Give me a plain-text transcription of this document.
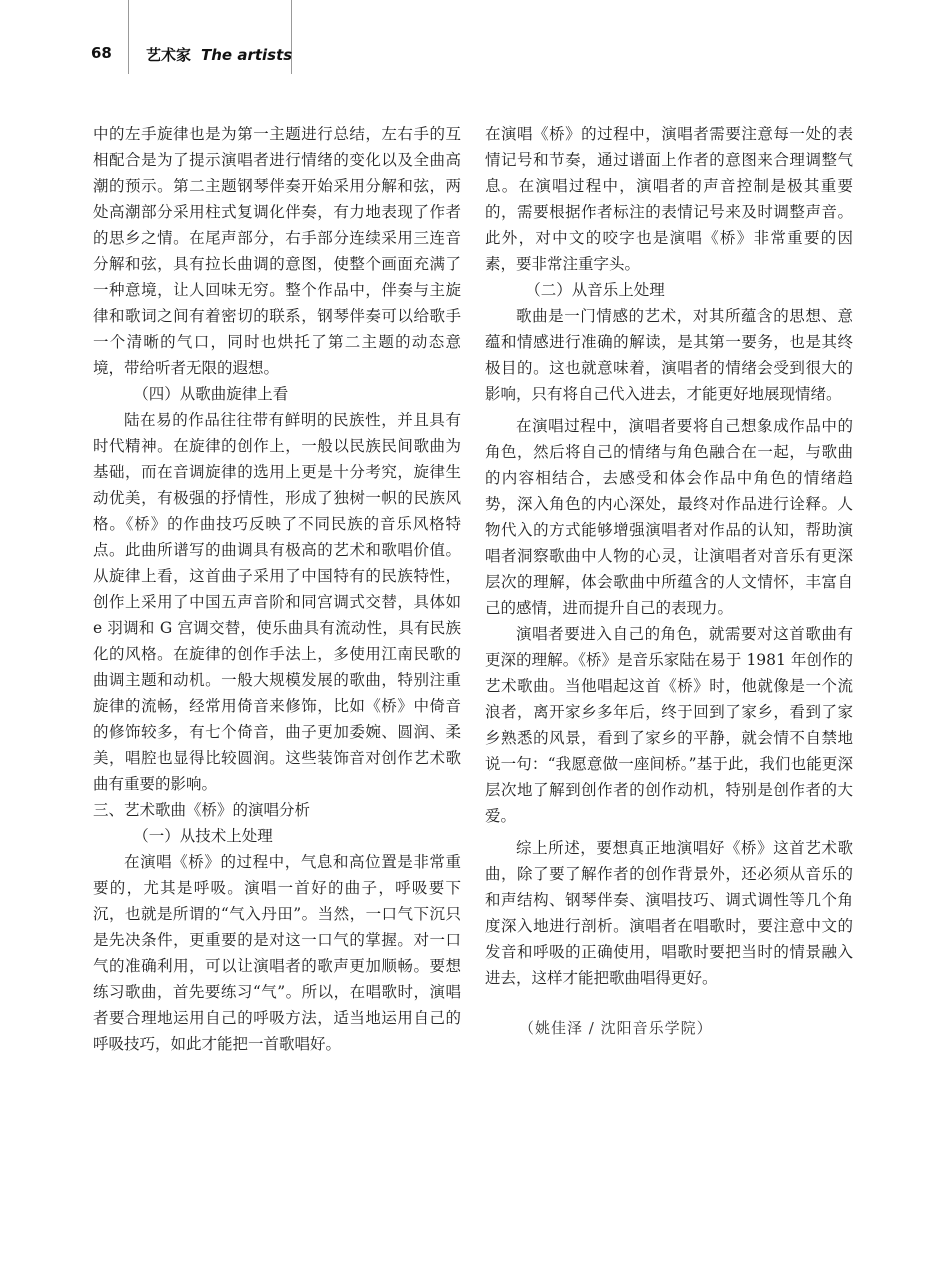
68 艺术家 The artists

中的左手旋律也是为第一主题进行总结，左右手的互相配合是为了提示演唱者进行情绪的变化以及全曲高潮的预示。第二主题钢琴伴奏开始采用分解和弦，两处高潮部分采用柱式复调化伴奏，有力地表现了作者的思乡之情。在尾声部分，右手部分连续采用三连音分解和弦，具有拉长曲调的意图，使整个画面充满了一种意境，让人回味无穷。整个作品中，伴奏与主旋律和歌词之间有着密切的联系，钢琴伴奏可以给歌手一个清晰的气口，同时也烘托了第二主题的动态意境，带给听者无限的遐想。

（四）从歌曲旋律上看

陆在易的作品往往带有鲜明的民族性，并且具有时代精神。在旋律的创作上，一般以民族民间歌曲为基础，而在音调旋律的选用上更是十分考究，旋律生动优美，有极强的抒情性，形成了独树一帜的民族风格。《桥》的作曲技巧反映了不同民族的音乐风格特点。此曲所谱写的曲调具有极高的艺术和歌唱价值。从旋律上看，这首曲子采用了中国特有的民族特性，创作上采用了中国五声音阶和同宫调式交替，具体如 e 羽调和 G 宫调交替，使乐曲具有流动性，具有民族化的风格。在旋律的创作手法上，多使用江南民歌的曲调主题和动机。一般大规模发展的歌曲，特别注重旋律的流畅，经常用倚音来修饰，比如《桥》中倚音的修饰较多，有七个倚音，曲子更加委婉、圆润、柔美，唱腔也显得比较圆润。这些装饰音对创作艺术歌曲有重要的影响。

三、艺术歌曲《桥》的演唱分析

（一）从技术上处理

在演唱《桥》的过程中，气息和高位置是非常重要的，尤其是呼吸。演唱一首好的曲子，呼吸要下沉，也就是所谓的“气入丹田”。当然，一口气下沉只是先决条件，更重要的是对这一口气的掌握。对一口气的准确利用，可以让演唱者的歌声更加顺畅。要想练习歌曲，首先要练习“气”。所以，在唱歌时，演唱者要合理地运用自己的呼吸方法，适当地运用自己的呼吸技巧，如此才能把一首歌唱好。

在演唱《桥》的过程中，演唱者需要注意每一处的表情记号和节奏，通过谱面上作者的意图来合理调整气息。在演唱过程中，演唱者的声音控制是极其重要的，需要根据作者标注的表情记号来及时调整声音。此外，对中文的咬字也是演唱《桥》非常重要的因素，要非常注重字头。

（二）从音乐上处理

歌曲是一门情感的艺术，对其所蕴含的思想、意蕴和情感进行准确的解读，是其第一要务，也是其终极目的。这也就意味着，演唱者的情绪会受到很大的影响，只有将自己代入进去，才能更好地展现情绪。

在演唱过程中，演唱者要将自己想象成作品中的角色，然后将自己的情绪与角色融合在一起，与歌曲的内容相结合，去感受和体会作品中角色的情绪趋势，深入角色的内心深处，最终对作品进行诠释。人物代入的方式能够增强演唱者对作品的认知，帮助演唱者洞察歌曲中人物的心灵，让演唱者对音乐有更深层次的理解，体会歌曲中所蕴含的人文情怀，丰富自己的感情，进而提升自己的表现力。

演唱者要进入自己的角色，就需要对这首歌曲有更深的理解。《桥》是音乐家陆在易于 1981 年创作的艺术歌曲。当他唱起这首《桥》时，他就像是一个流浪者，离开家乡多年后，终于回到了家乡，看到了家乡熟悉的风景，看到了家乡的平静，就会情不自禁地说一句：“我愿意做一座间桥。”基于此，我们也能更深层次地了解到创作者的创作动机，特别是创作者的大爱。

综上所述，要想真正地演唱好《桥》这首艺术歌曲，除了要了解作者的创作背景外，还必须从音乐的和声结构、钢琴伴奏、演唱技巧、调式调性等几个角度深入地进行剖析。演唱者在唱歌时，要注意中文的发音和呼吸的正确使用，唱歌时要把当时的情景融入进去，这样才能把歌曲唱得更好。

（姚佳泽 / 沈阳音乐学院）
